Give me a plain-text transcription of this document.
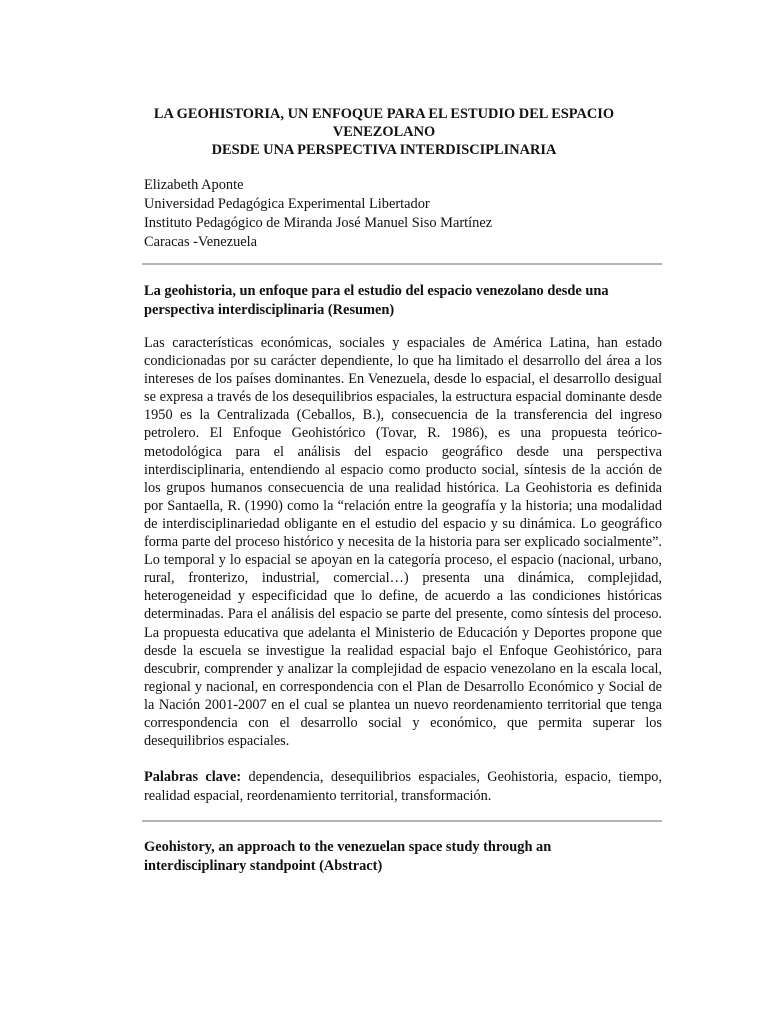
LA GEOHISTORIA, UN ENFOQUE PARA EL ESTUDIO DEL ESPACIO
VENEZOLANO
DESDE UNA PERSPECTIVA INTERDISCIPLINARIA
Elizabeth Aponte
Universidad Pedagógica Experimental Libertador
Instituto Pedagógico de Miranda José Manuel Siso Martínez
Caracas -Venezuela
La geohistoria, un enfoque para el estudio del espacio venezolano desde una perspectiva interdisciplinaria (Resumen)
Las características económicas, sociales y espaciales de América Latina, han estado condicionadas por su carácter dependiente, lo que ha limitado el desarrollo del área a los intereses de los países dominantes. En Venezuela, desde lo espacial, el desarrollo desigual se expresa a través de los desequilibrios espaciales, la estructura espacial dominante desde 1950 es la Centralizada (Ceballos, B.), consecuencia de la transferencia del ingreso petrolero. El Enfoque Geohistórico (Tovar, R. 1986), es una propuesta teórico-metodológica para el análisis del espacio geográfico desde una perspectiva interdisciplinaria, entendiendo al espacio como producto social, síntesis de la acción de los grupos humanos consecuencia de una realidad histórica. La Geohistoria es definida por Santaella, R. (1990) como la “relación entre la geografía y la historia; una modalidad de interdisciplinariedad obligante en el estudio del espacio y su dinámica. Lo geográfico forma parte del proceso histórico y necesita de la historia para ser explicado socialmente”. Lo temporal y lo espacial se apoyan en la categoría proceso, el espacio (nacional, urbano, rural, fronterizo, industrial, comercial…) presenta una dinámica, complejidad, heterogeneidad y especificidad que lo define, de acuerdo a las condiciones históricas determinadas. Para el análisis del espacio se parte del presente, como síntesis del proceso. La propuesta educativa que adelanta el Ministerio de Educación y Deportes propone que desde la escuela se investigue la realidad espacial bajo el Enfoque Geohistórico, para descubrir, comprender y analizar la complejidad de espacio venezolano en la escala local, regional y nacional, en correspondencia con el Plan de Desarrollo Económico y Social de la Nación 2001-2007 en el cual se plantea un nuevo reordenamiento territorial que tenga correspondencia con el desarrollo social y económico, que permita superar los desequilibrios espaciales.
Palabras clave: dependencia, desequilibrios espaciales, Geohistoria, espacio, tiempo, realidad espacial, reordenamiento territorial, transformación.
Geohistory, an approach to the venezuelan space study through an interdisciplinary standpoint (Abstract)
